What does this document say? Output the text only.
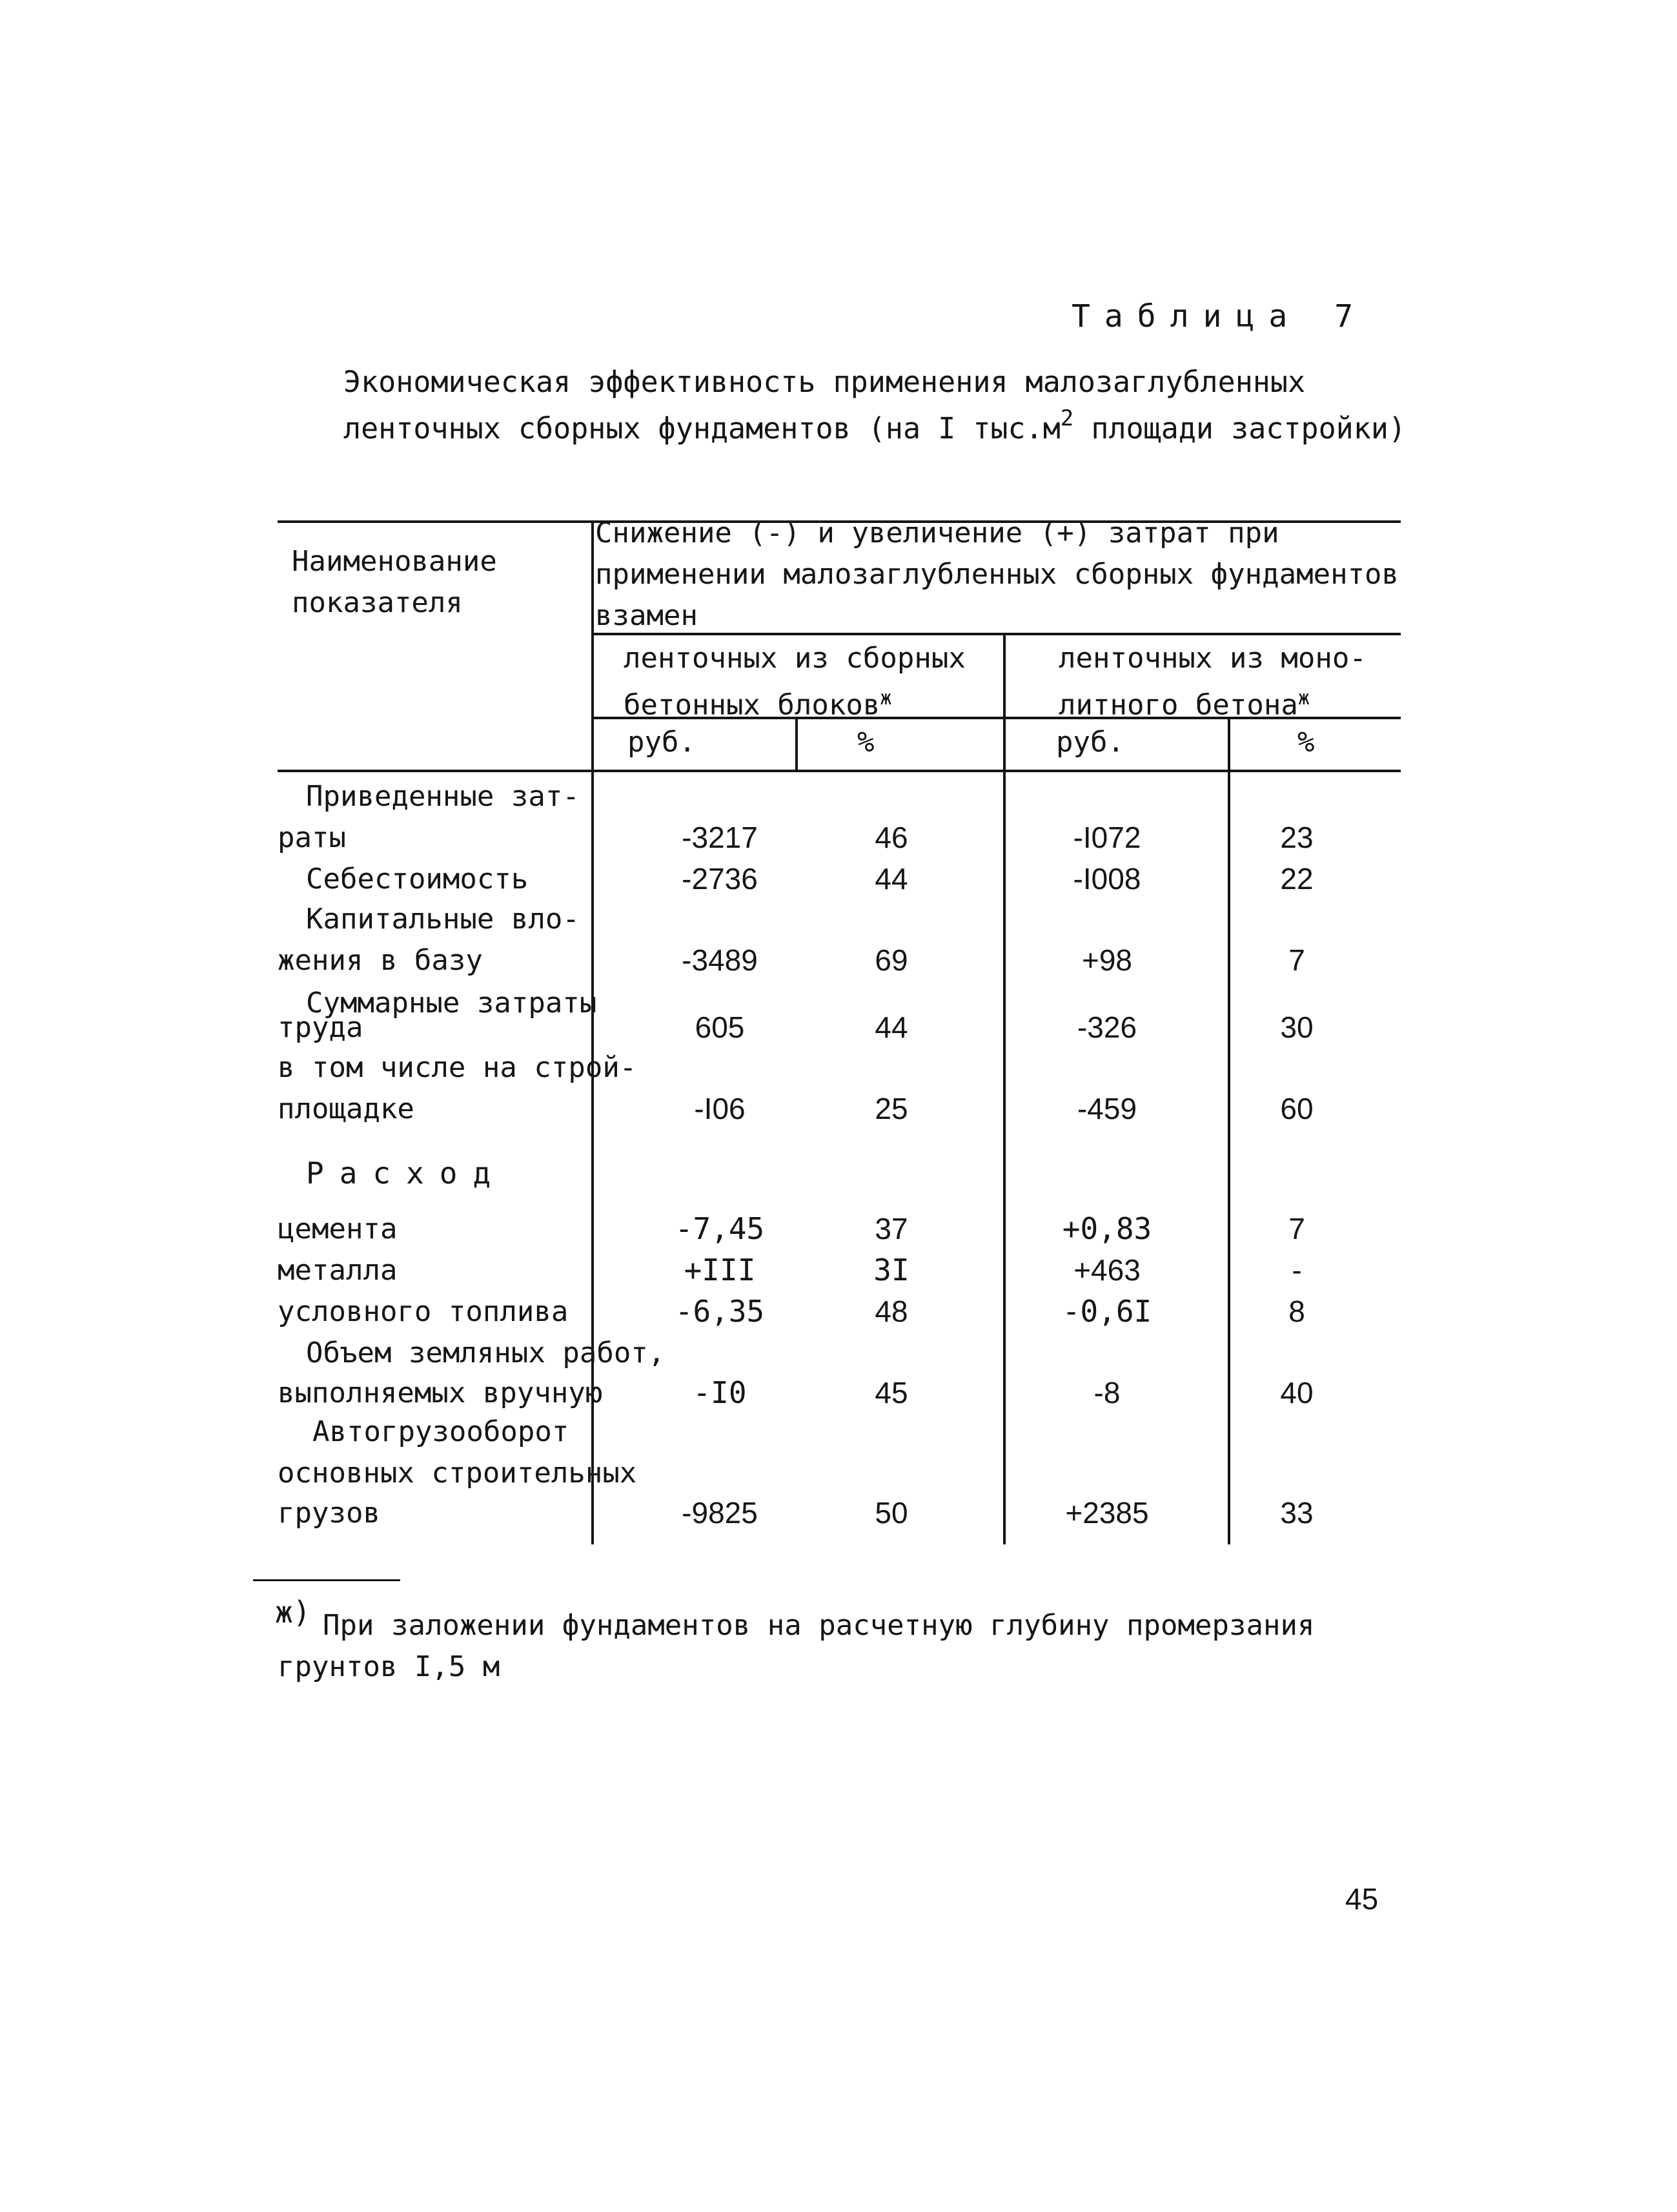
Таблица 7
Экономическая эффективность применения малозаглубленных
ленточных сборных фундаментов (на I $тыс.м^2$ площади застройки)
Наименование
показателя
Снижение (-) и увеличение (+) затрат при
применении малозаглубленных сборных фундаментов
взамен
ленточных из сборных
бетонных блоков$^ж$
ленточных из моно-
литного бетона$^ж$
руб.	%	руб.	%
Приведенные зат-
раты	-3217	46	-I072	23
Себестоимость	-2736	44	-I008	22
Капитальные вло-
жения в базу	-3489	69	+98	7
Суммарные затраты
труда	605	44	-326	30
в том числе на строй-
площадке	-I06	25	-459	60
Расход
цемента	-7,45	37	+0,83	7
металла	+III	3I	+463	-
условного топлива	-6,35	48	-0,6I	8
Объем земляных работ,
выполняемых вручную	-I0	45	-8	40
Автогрузооборот
основных строительных
грузов	-9825	50	+2385	33
ж) При заложении фундаментов на расчетную глубину промерзания
грунтов I,5 м
45
